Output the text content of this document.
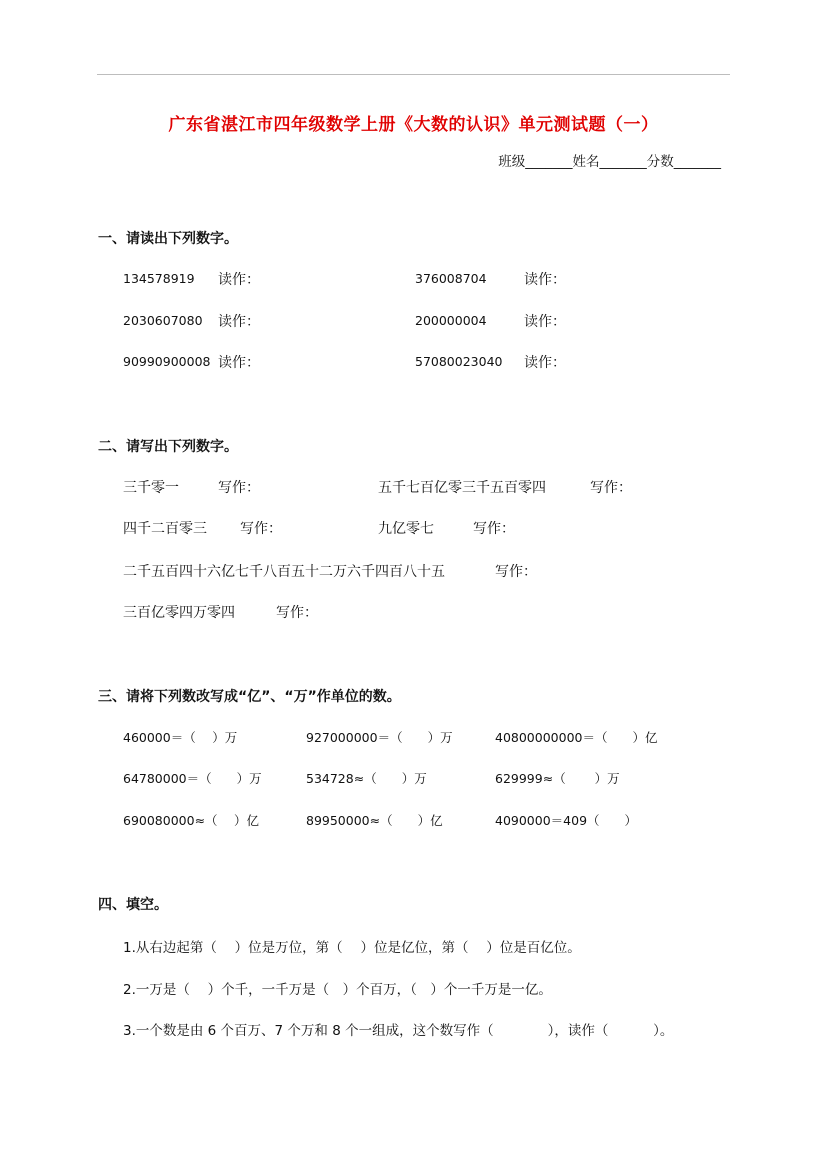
广东省湛江市四年级数学上册《大数的认识》单元测试题（一）
班级_______姓名_______分数_______
一、请读出下列数字。
134578919 读作：	376008704	读作：
2030607080 读作：	200000004	读作：
90990900008 读作：	57080023040 读作：
二、请写出下列数字。
三千零一	写作：	五千七百亿零三千五百零四	写作：
四千二百零三 写作：	九亿零七	写作：
二千五百四十六亿七千八百五十二万六千四百八十五	写作：
三百亿零四万零四	写作：
三、请将下列数改写成“亿”、“万”作单位的数。
460000＝（　 ）万	927000000＝（　　）万	40800000000＝（　　）亿
64780000＝（　　）万	534728≈（　　）万	629999≈（　　 ）万
690080000≈（　 ）亿	89950000≈（　　）亿	4090000＝409（　　）
四、填空。
1.从右边起第（　 ）位是万位，第（　 ）位是亿位，第（　 ）位是百亿位。
2.一万是（　 ）个千，一千万是（　）个百万，（　）个一千万是一亿。
3.一个数是由 6 个百万、7 个万和 8 个一组成，这个数写作（　　　　），读作（　　　 ）。
